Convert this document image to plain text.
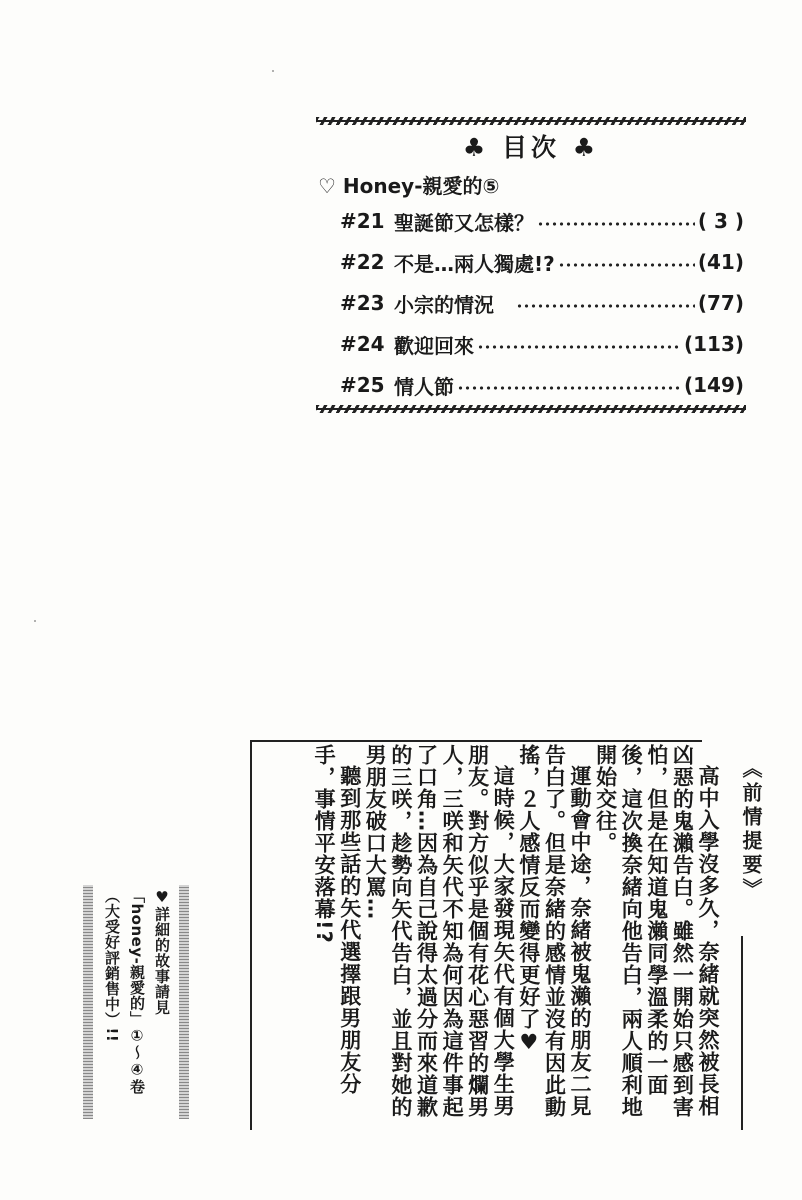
♣ 目次 ♣
♡ Honey-親愛的⑤
#21 聖誕節又怎樣？	( 3 )
#22 不是…兩人獨處!?	(41)
#23 小宗的情況	(77)
#24 歡迎回來	(113)
#25 情人節	(149)
《前情提要》

高中入學沒多久，奈緒就突然被長相凶惡的鬼瀨告白。雖然一開始只感到害怕，但是在知道鬼瀨同學溫柔的一面後，這次換奈緒向他告白，兩人順利地開始交往。

運動會中途，奈緒被鬼瀨的朋友二見告白了。但是奈緒的感情並沒有因此動搖，２人感情反而變得更好了♥

這時候，大家發現矢代有個大學生男朋友。對方似乎是個有花心惡習的爛男人，三咲和矢代不知為何因為這件事起了口角…因為自己說得太過分而來道歉的三咲，趁勢向矢代告白，並且對她的男朋友破口大罵…

聽到那些話的矢代選擇跟男朋友分手，事情平安落幕!?

♥詳細的故事請見

「honey-親愛的」①～④卷

（大受好評銷售中）!!
